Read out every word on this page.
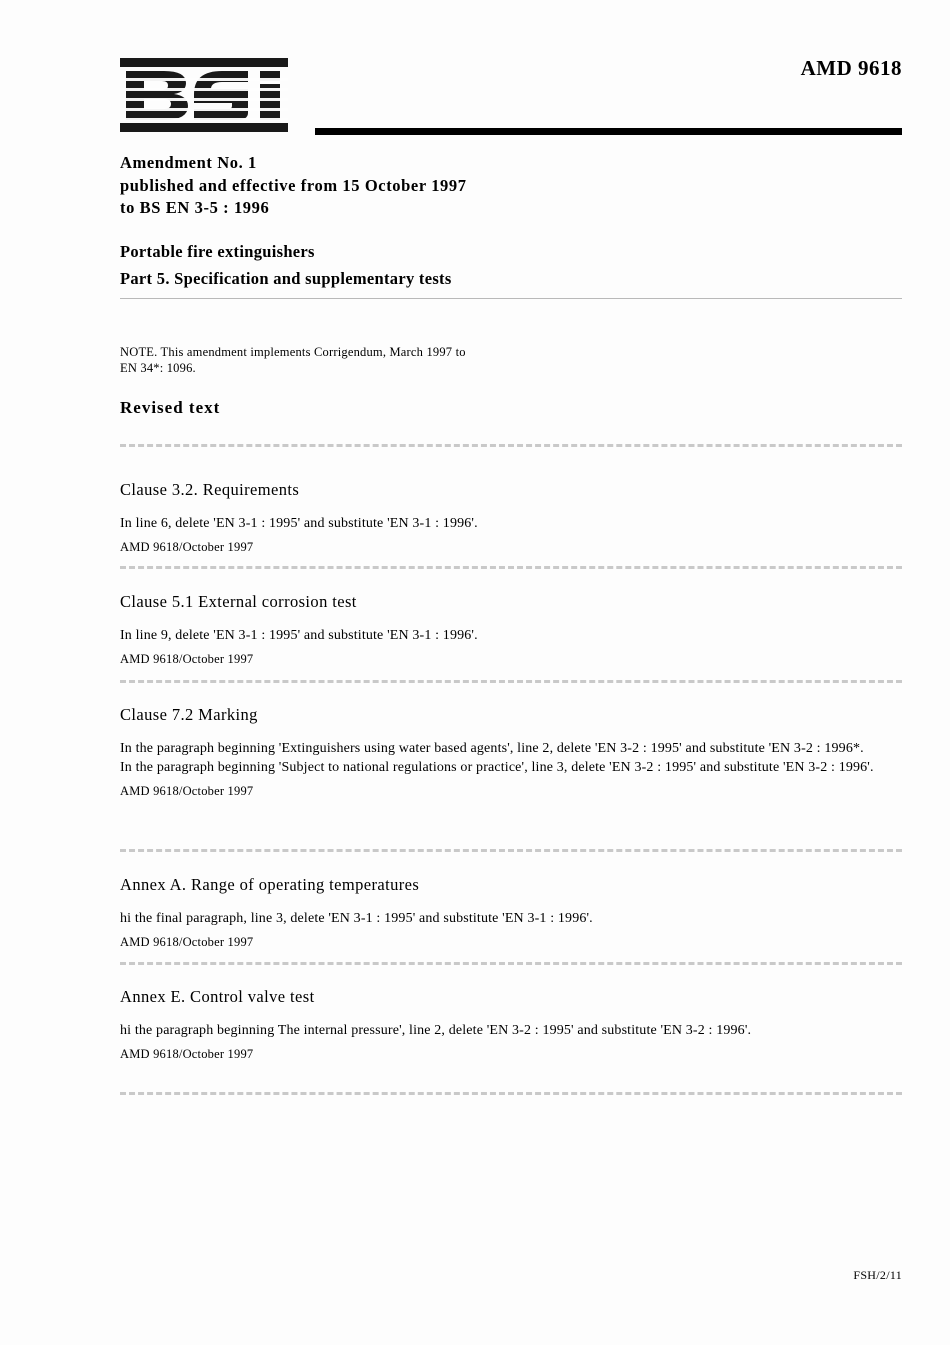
AMD 9618
Amendment No. 1
published and effective from 15 October 1997
to BS EN 3-5 : 1996
Portable fire extinguishers
Part 5. Specification and supplementary tests
NOTE. This amendment implements Corrigendum, March 1997 to
EN 34*: 1096.
Revised text
Clause 3.2. Requirements
In line 6, delete 'EN 3-1 : 1995' and substitute 'EN 3-1 : 1996'.
AMD 9618/October 1997
Clause 5.1 External corrosion test
In line 9, delete 'EN 3-1 : 1995' and substitute 'EN 3-1 : 1996'.
AMD 9618/October 1997
Clause 7.2 Marking
In the paragraph beginning 'Extinguishers using water based agents', line 2, delete 'EN 3-2 : 1995' and substitute 'EN 3-2 : 1996*.
In the paragraph beginning 'Subject to national regulations or practice', line 3, delete 'EN 3-2 : 1995' and substitute 'EN 3-2 : 1996'.
AMD 9618/October 1997
Annex A. Range of operating temperatures
hi the final paragraph, line 3, delete 'EN 3-1 : 1995' and substitute 'EN 3-1 : 1996'.
AMD 9618/October 1997
Annex E. Control valve test
hi the paragraph beginning The internal pressure', line 2, delete 'EN 3-2 : 1995' and substitute 'EN 3-2 : 1996'.
AMD 9618/October 1997
FSH/2/11
